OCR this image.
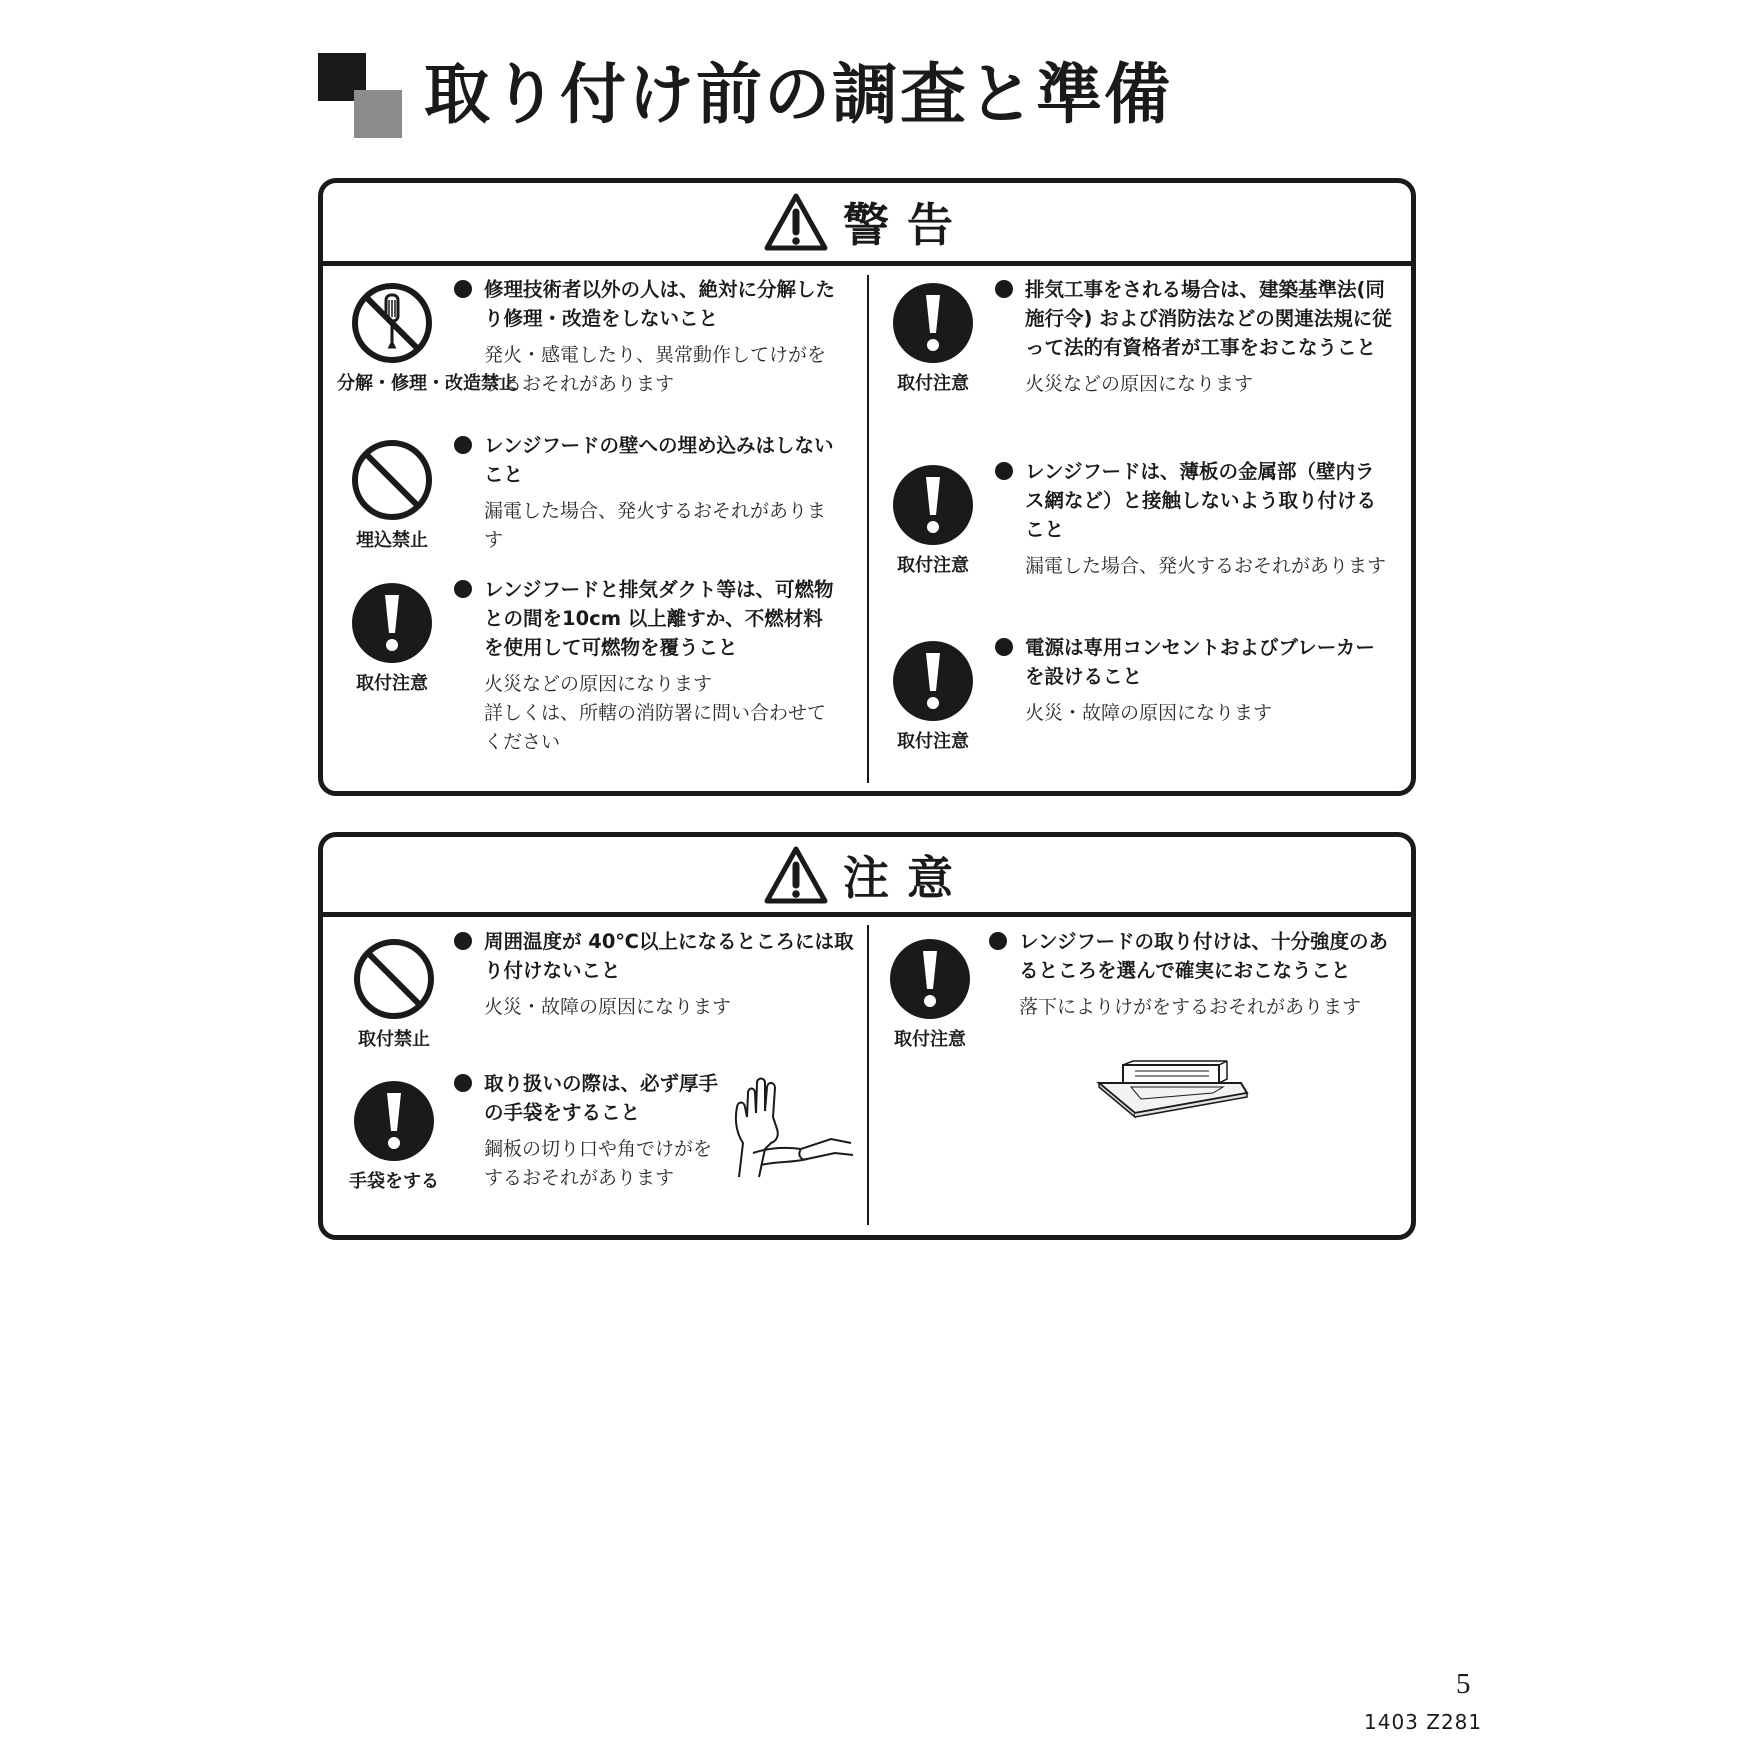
取り付け前の調査と準備
警告
分解・修理・改造禁止

修理技術者以外の人は、絶対に分解したり修理・改造をしないこと

発火・感電したり、異常動作してけがをするおそれがあります

埋込禁止

レンジフードの壁への埋め込みはしないこと

漏電した場合、発火するおそれがあります

取付注意

レンジフードと排気ダクト等は、可燃物との間を10cm 以上離すか、不燃材料を使用して可燃物を覆うこと

火災などの原因になります

詳しくは、所轄の消防署に問い合わせてください

取付注意

排気工事をされる場合は、建築基準法(同施行令) および消防法などの関連法規に従って法的有資格者が工事をおこなうこと

火災などの原因になります

取付注意

レンジフードは、薄板の金属部（壁内ラス網など）と接触しないよう取り付けること

漏電した場合、発火するおそれがあります

取付注意

電源は専用コンセントおよびブレーカーを設けること

火災・故障の原因になります

注意
取付禁止

周囲温度が 40℃以上になるところには取り付けないこと

火災・故障の原因になります

手袋をする

取り扱いの際は、必ず厚手の手袋をすること

鋼板の切り口や角でけがをするおそれがあります

取付注意

レンジフードの取り付けは、十分強度のあるところを選んで確実におこなうこと

落下によりけがをするおそれがあります

5
1403 Z281
